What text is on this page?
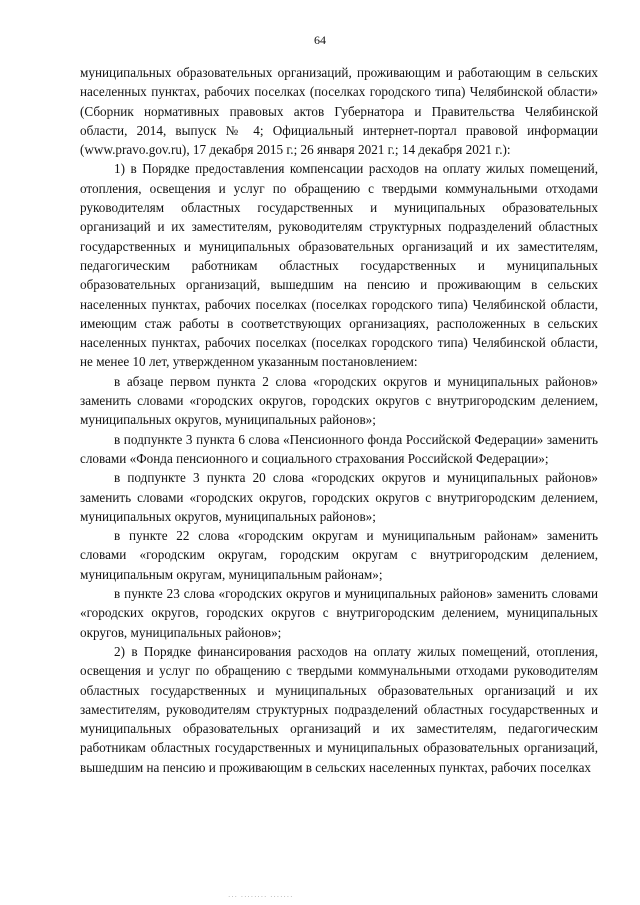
64

муниципальных образовательных организаций, проживающим и работающим в сельских населенных пунктах, рабочих поселках (поселках городского типа) Челябинской области» (Сборник нормативных правовых актов Губернатора и Правительства Челябинской области, 2014, выпуск № 4; Официальный интернет-портал правовой информации (www.pravo.gov.ru), 17 декабря 2015 г.; 26 января 2021 г.; 14 декабря 2021 г.):

1) в Порядке предоставления компенсации расходов на оплату жилых помещений, отопления, освещения и услуг по обращению с твердыми коммунальными отходами руководителям областных государственных и муниципальных образовательных организаций и их заместителям, руководителям структурных подразделений областных государственных и муниципальных образовательных организаций и их заместителям, педагогическим работникам областных государственных и муниципальных образовательных организаций, вышедшим на пенсию и проживающим в сельских населенных пунктах, рабочих поселках (поселках городского типа) Челябинской области, имеющим стаж работы в соответствующих организациях, расположенных в сельских населенных пунктах, рабочих поселках (поселках городского типа) Челябинской области, не менее 10 лет, утвержденном указанным постановлением:

в абзаце первом пункта 2 слова «городских округов и муниципальных районов» заменить словами «городских округов, городских округов с внутригородским делением, муниципальных округов, муниципальных районов»;

в подпункте 3 пункта 6 слова «Пенсионного фонда Российской Федерации» заменить словами «Фонда пенсионного и социального страхования Российской Федерации»;

в подпункте 3 пункта 20 слова «городских округов и муниципальных районов» заменить словами «городских округов, городских округов с внутригородским делением, муниципальных округов, муниципальных районов»;

в пункте 22 слова «городским округам и муниципальным районам» заменить словами «городским округам, городским округам с внутригородским делением, муниципальным округам, муниципальным районам»;

в пункте 23 слова «городских округов и муниципальных районов» заменить словами «городских округов, городских округов с внутригородским делением, муниципальных округов, муниципальных районов»;

2) в Порядке финансирования расходов на оплату жилых помещений, отопления, освещения и услуг по обращению с твердыми коммунальными отходами руководителям областных государственных и муниципальных образовательных организаций и их заместителям, руководителям структурных подразделений областных государственных и муниципальных образовательных организаций и их заместителям, педагогическим работникам областных государственных и муниципальных образовательных организаций, вышедшим на пенсию и проживающим в сельских населенных пунктах, рабочих поселках

··· ········ ·······
